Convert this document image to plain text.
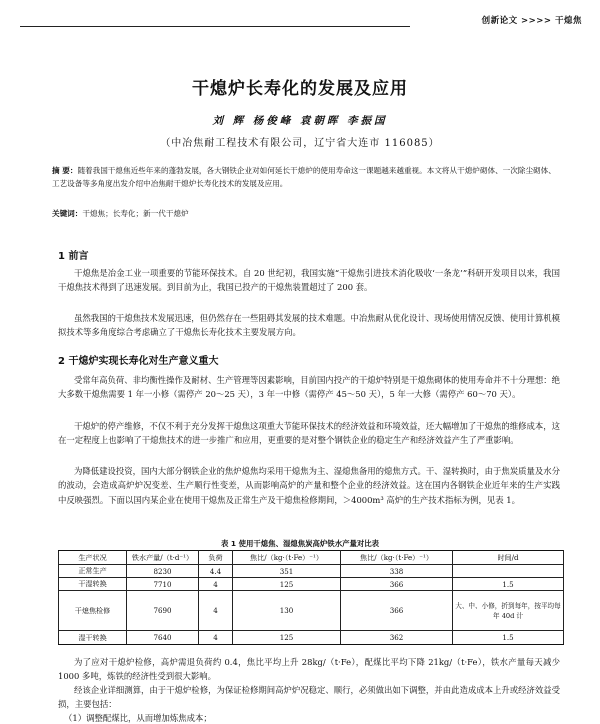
创新论文 >>>> 干熄焦
干熄炉长寿化的发展及应用
刘 辉 杨俊峰 袁朝晖 李振国
（中冶焦耐工程技术有限公司，辽宁省大连市 116085）
摘 要：随着我国干熄焦近些年来的蓬勃发展，各大钢铁企业对如何延长干熄炉的使用寿命这一课题越来越重视。本文将从干熄炉砌体、一次除尘砌体、工艺设备等多角度出发介绍中冶焦耐干熄炉长寿化技术的发展及应用。
关键词：干熄焦；长寿化；新一代干熄炉
1 前言

干熄焦是冶金工业一项重要的节能环保技术。自 20 世纪初，我国实施“干熄焦引进技术消化吸收‘一条龙’”科研开发项目以来，我国干熄焦技术得到了迅速发展。到目前为止，我国已投产的干熄焦装置超过了 200 套。

虽然我国的干熄焦技术发展迅速，但仍然存在一些阻碍其发展的技术难题。中冶焦耐从优化设计、现场使用情况反馈、使用计算机模拟技术等多角度综合考虑确立了干熄焦长寿化技术主要发展方向。

2 干熄炉实现长寿化对生产意义重大

受常年高负荷、非均衡性操作及耐材、生产管理等因素影响，目前国内投产的干熄炉特别是干熄焦砌体的使用寿命并不十分理想：绝大多数干熄焦需要 1 年一小修（需停产 20～25 天），3 年一中修（需停产 45～50 天），5 年一大修（需停产 60～70 天）。

干熄炉的停产维修，不仅不利于充分发挥干熄焦这项重大节能环保技术的经济效益和环境效益，还大幅增加了干熄焦的维修成本，这在一定程度上也影响了干熄焦技术的进一步推广和应用，更重要的是对整个钢铁企业的稳定生产和经济效益产生了严重影响。

为降低建设投资，国内大部分钢铁企业的焦炉熄焦均采用干熄焦为主、湿熄焦备用的熄焦方式。干、湿转换时，由于焦炭质量及水分的波动，会造成高炉炉况变差、生产顺行性变差，从而影响高炉的产量和整个企业的经济效益。这在国内各钢铁企业近年来的生产实践中反映强烈。下面以国内某企业在使用干熄焦及正常生产及干熄焦检修期间，＞4000m³ 高炉的生产技术指标为例，见表 1。

表 1 使用干熄焦、湿熄焦炭高炉铁水产量对比表
生产状况	铁水产量/（t·d⁻¹）	负荷	焦比/（kg·（t·Fe）⁻¹）	焦比/（kg·（t·Fe）⁻¹）	时间/d
正常生产	8230	4.4	351	338	
干湿转换	7710	4	125	366	1.5
干熄焦检修	7690	4	130	366	大、中、小修，折到每年，按平均每年 40d 计
湿干转换	7640	4	125	362	1.5

为了应对干熄炉检修，高炉需退负荷约 0.4，焦比平均上升 28kg/（t·Fe），配煤比平均下降 21kg/（t·Fe），铁水产量每天减少 1000 多吨，炼铁的经济性受到很大影响。

经该企业详细测算，由于干熄炉检修，为保证检修期间高炉炉况稳定、顺行，必须做出如下调整，并由此造成成本上升或经济效益受损，主要包括：

（1）调整配煤比，从而增加炼焦成本；
